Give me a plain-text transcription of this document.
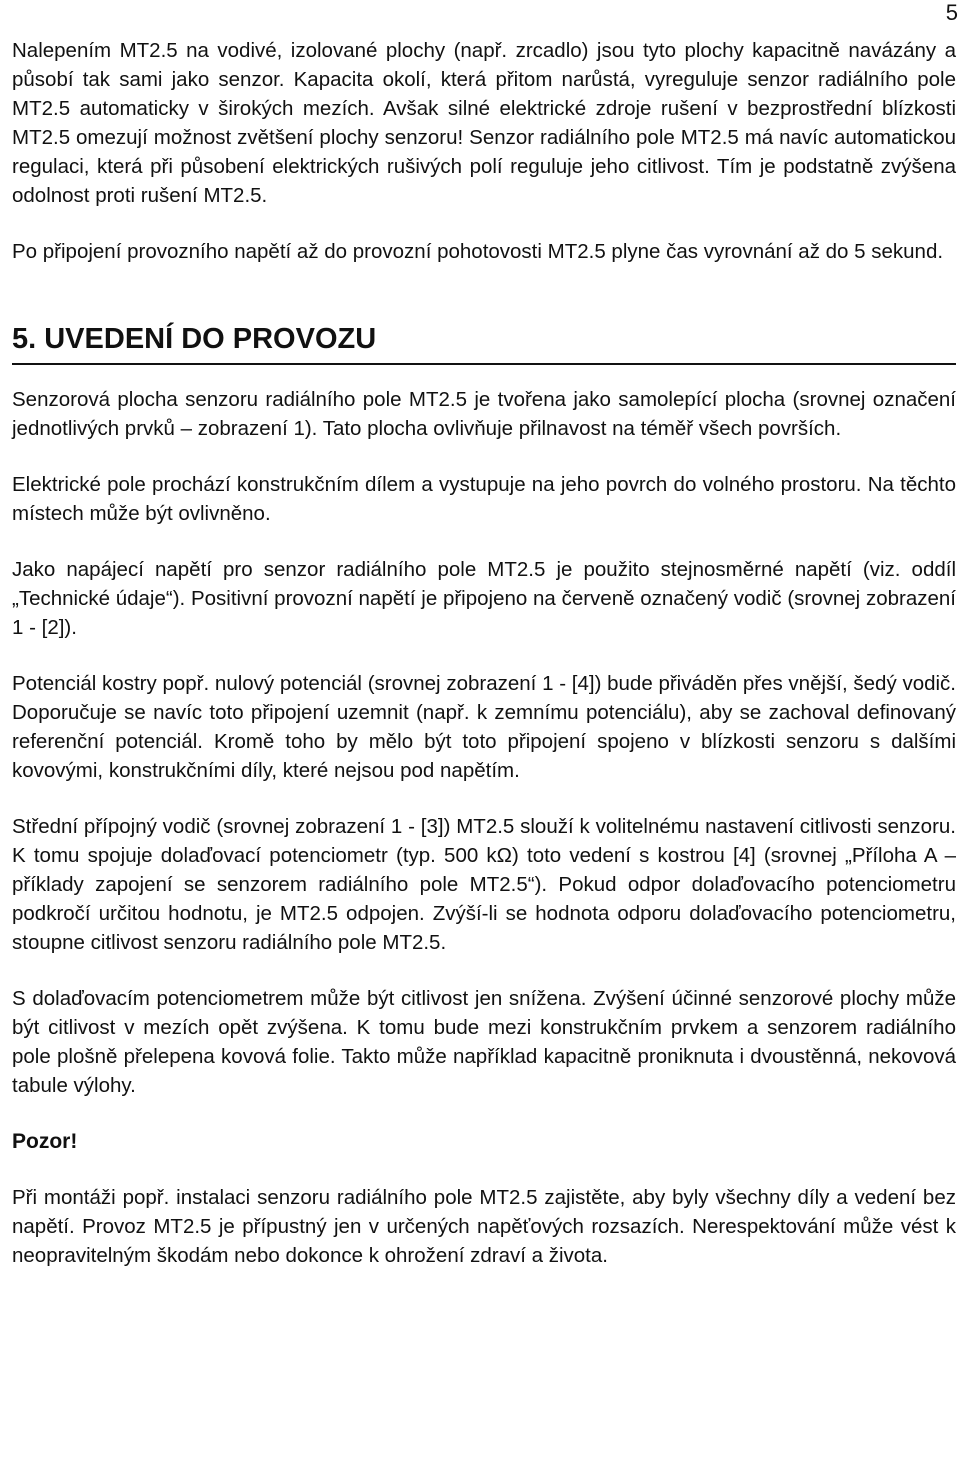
5

Nalepením MT2.5 na vodivé, izolované plochy (např. zrcadlo) jsou tyto plochy kapacitně navázány a působí tak sami jako senzor. Kapacita okolí, která přitom narůstá, vyreguluje senzor radiálního pole MT2.5 automaticky v širokých mezích. Avšak silné elektrické zdroje rušení v bezprostřední blízkosti MT2.5 omezují možnost zvětšení plochy senzoru! Senzor radiálního pole MT2.5 má navíc automatickou regulaci, která při působení elektrických rušivých polí reguluje jeho citlivost. Tím je podstatně zvýšena odolnost proti rušení MT2.5.

Po připojení provozního napětí až do provozní pohotovosti MT2.5 plyne čas vyrovnání až do 5 sekund.

5. UVEDENÍ DO PROVOZU

Senzorová plocha senzoru radiálního pole MT2.5 je tvořena jako samolepící plocha (srovnej označení jednotlivých prvků – zobrazení 1). Tato plocha ovlivňuje přilnavost na téměř všech površích.

Elektrické pole prochází konstrukčním dílem a vystupuje na jeho povrch do volného prostoru. Na těchto místech může být ovlivněno.

Jako napájecí napětí pro senzor radiálního pole MT2.5 je použito stejnosměrné napětí (viz. oddíl „Technické údaje“). Positivní provozní napětí je připojeno na červeně označený vodič (srovnej zobrazení 1 - [2]).

Potenciál kostry popř. nulový potenciál (srovnej zobrazení 1 - [4]) bude přiváděn přes vnější, šedý vodič. Doporučuje se navíc toto připojení uzemnit (např. k zemnímu potenciálu), aby se zachoval definovaný referenční potenciál. Kromě toho by mělo být toto připojení spojeno v blízkosti senzoru s dalšími kovovými, konstrukčními díly, které nejsou pod napětím.

Střední přípojný vodič (srovnej zobrazení 1 - [3]) MT2.5 slouží k volitelnému nastavení citlivosti senzoru. K tomu spojuje dolaďovací potenciometr (typ. 500 kΩ) toto vedení s kostrou [4] (srovnej „Příloha A – příklady zapojení se senzorem radiálního pole MT2.5“). Pokud odpor dolaďovacího potenciometru podkročí určitou hodnotu, je MT2.5 odpojen. Zvýší-li se hodnota odporu dolaďovacího potenciometru, stoupne citlivost senzoru radiálního pole MT2.5.

S dolaďovacím potenciometrem může být citlivost jen snížena. Zvýšení účinné senzorové plochy může být citlivost v mezích opět zvýšena. K tomu bude mezi konstrukčním prvkem a senzorem radiálního pole plošně přelepena kovová folie. Takto může například kapacitně proniknuta i dvoustěnná, nekovová tabule výlohy.

Pozor!

Při montáži popř. instalaci senzoru radiálního pole MT2.5 zajistěte, aby byly všechny díly a vedení bez napětí. Provoz MT2.5 je přípustný jen v určených napěťových rozsazích. Nerespektování může vést k neopravitelným škodám nebo dokonce k ohrožení zdraví a života.
